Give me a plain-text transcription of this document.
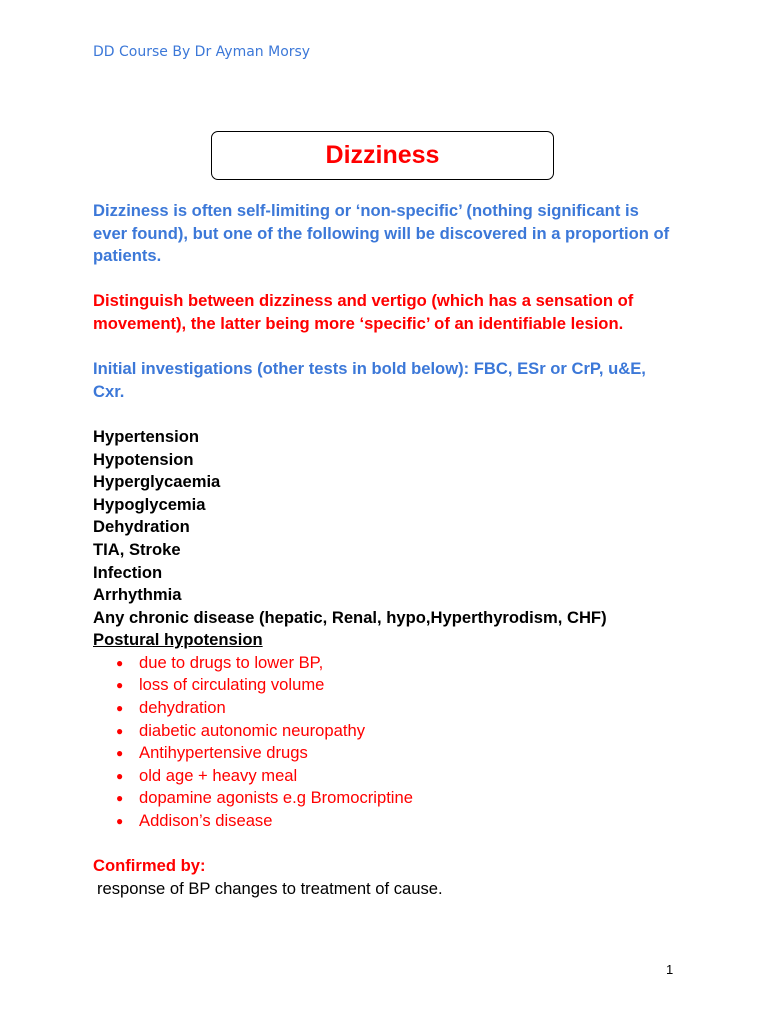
DD Course By Dr Ayman Morsy
Dizziness

Dizziness is often self-limiting or ‘non-specific’ (nothing significant is ever found), but one of the following will be discovered in a proportion of patients.

Distinguish between dizziness and vertigo (which has a sensation of movement), the latter being more ‘specific’ of an identifiable lesion.

Initial investigations (other tests in bold below): FBC, ESr or CrP, u&E, Cxr.

Hypertension

Hypotension

Hyperglycaemia

Hypoglycemia

Dehydration

TIA, Stroke

Infection

Arrhythmia

Any chronic disease (hepatic, Renal, hypo,Hyperthyrodism, CHF)

Postural hypotension

● due to drugs to lower BP,
● loss of circulating volume
● dehydration
● diabetic autonomic neuropathy
● Antihypertensive drugs
● old age + heavy meal
● dopamine agonists e.g Bromocriptine
● Addison’s disease

Confirmed by:

response of BP changes to treatment of cause.

1
